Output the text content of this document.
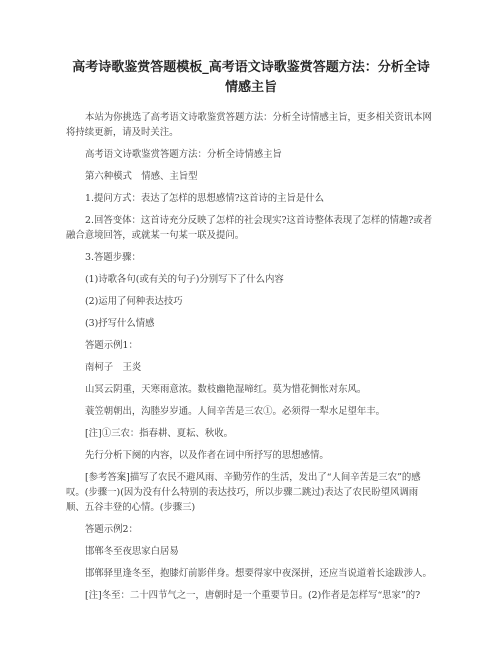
高考诗歌鉴赏答题模板_高考语文诗歌鉴赏答题方法：分析全诗情感主旨

本站为你挑选了高考语文诗歌鉴赏答题方法：分析全诗情感主旨，更多相关资讯本网将持续更新，请及时关注。

高考语文诗歌鉴赏答题方法：分析全诗情感主旨

第六种模式　情感、主旨型

1.提问方式：表达了怎样的思想感情?这首诗的主旨是什么

2.回答变体：这首诗充分反映了怎样的社会现实?这首诗整体表现了怎样的情趣?或者融合意境回答，或就某一句某一联及提问。

3.答题步骤：

(1)诗歌各句(或有关的句子)分别写下了什么内容

(2)运用了何种表达技巧

(3)抒写什么情感

答题示例1：

南柯子　王炎

山冥云阴重，天寒雨意浓。数枝幽艳湿啼红。莫为惜花惆怅对东风。

蓑笠朝朝出，沟塍岁岁通。人间辛苦是三农①。必须得一犁水足望年丰。

[注]①三农：指春耕、夏耘、秋收。

先行分析下阕的内容，以及作者在词中所抒写的思想感情。

[参考答案]描写了农民不避风雨、辛勤劳作的生活，发出了“人间辛苦是三农”的感叹。(步骤一)(因为没有什么特别的表达技巧，所以步骤二跳过)表达了农民盼望风调雨顺、五谷丰登的心情。(步骤三)

答题示例2：

邯郸冬至夜思家白居易

邯郸驿里逢冬至，抱膝灯前影伴身。想要得家中夜深拼，还应当说道着长途跋涉人。

[注]冬至：二十四节气之一，唐朝时是一个重要节日。(2)作者是怎样写“思家”的?
